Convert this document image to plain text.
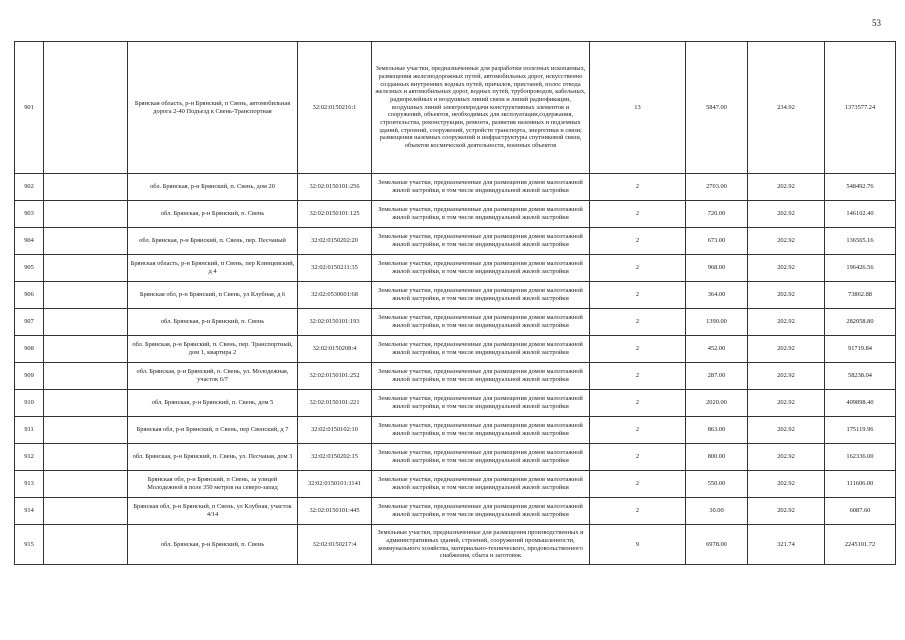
53
901		Брянская область, р-н Брянский, п Свень, автомобильная дорога 2-40 Подъезд к Свень-Транспортная	32:02:0150216:1	Земельные участки, предназначенные для разработки полезных ископаемых, размещения железнодорожных путей, автомобильных дорог, искусственно созданных внутренних водных путей, причалов, пристаней, полос отвода железных и автомобильных дорог, водных путей, трубопроводов, кабельных, радиорелейных и воздушных линий связи и линий радиофикации, воздушных линий электропередачи конструктивных элементов и сооружений, объектов, необходимых для эксплуатации,содержания, строительства, реконструкции, ремонта, развития наземных и подземных зданий, строений, сооружений, устройств транспорта, энергетики и связи; размещения наземных сооружений и инфраструктуры спутниковой связи, объектов космической деятельности, военных объектов	13	5847.00	234.92	1373577.24
902		обл. Брянская, р-н Брянский, п. Свень, дом 20	32:02:0150101:256	Земельные участки, предназначенные для размещения домов малоэтажной жилой застройки, в том числе индивидуальной жилой застройки	2	2703.00	202.92	548492.76
903		обл. Брянская, р-н Брянский, п. Свень	32:02:0150101:125	Земельные участки, предназначенные для размещения домов малоэтажной жилой застройки, в том числе индивидуальной жилой застройки	2	720.00	202.92	146102.40
904		обл. Брянская, р-н Брянский, п. Свень, пер. Песчаный	32:02:0150202:20	Земельные участки, предназначенные для размещения домов малоэтажной жилой застройки, в том числе индивидуальной жилой застройки	2	673.00	202.92	136565.16
905		Брянская область, р-н Брянский, п Свень, пер Клинцевский, д 4	32:02:0150211:35	Земельные участки, предназначенные для размещения домов малоэтажной жилой застройки, в том числе индивидуальной жилой застройки	2	968.00	202.92	196426.56
906		Брянская обл, р-н Брянский, п Свень, ул Клубная, д 6	32:02:0530601:68	Земельные участки, предназначенные для размещения домов малоэтажной жилой застройки, в том числе индивидуальной жилой застройки	2	364.00	202.92	73862.88
907		обл. Брянская, р-н Брянский, п. Свень	32:02:0150101:193	Земельные участки, предназначенные для размещения домов малоэтажной жилой застройки, в том числе индивидуальной жилой застройки	2	1390.00	202.92	282058.80
908		обл. Брянская, р-н Брянский, п. Свень, пер. Транспортный, дом 1, квартира 2	32:02:0150208:4	Земельные участки, предназначенные для размещения домов малоэтажной жилой застройки, в том числе индивидуальной жилой застройки	2	452.00	202.92	91719.84
909		обл. Брянская, р-н Брянский, п. Свень, ул. Молодежная, участок 6/7	32:02:0150101:252	Земельные участки, предназначенные для размещения домов малоэтажной жилой застройки, в том числе индивидуальной жилой застройки	2	287.00	202.92	58238.04
910		обл. Брянская, р-н Брянский, п. Свень, дом 5	32:02:0150101:221	Земельные участки, предназначенные для размещения домов малоэтажной жилой застройки, в том числе индивидуальной жилой застройки	2	2020.00	202.92	409898.40
911		Брянская обл, р-н Брянский, п Свень, пер Свенский, д 7	32:02:0150102:10	Земельные участки, предназначенные для размещения домов малоэтажной жилой застройки, в том числе индивидуальной жилой застройки	2	863.00	202.92	175119.96
912		обл. Брянская, р-н Брянский, п. Свень, ул. Песчаная, дом 3	32:02:0150202:15	Земельные участки, предназначенные для размещения домов малоэтажной жилой застройки, в том числе индивидуальной жилой застройки	2	800.00	202.92	162336.00
913		Брянская обл, р-н Брянский, п Свень, за улицей Молодежной в поле 350 метров на северо-запад	32:02:0150101:1141	Земельные участки, предназначенные для размещения домов малоэтажной жилой застройки, в том числе индивидуальной жилой застройки	2	550.00	202.92	111606.00
914		Брянская обл, р-н Брянский, п Свень, ул Клубная, участок 4/14	32:02:0150101:445	Земельные участки, предназначенные для размещения домов малоэтажной жилой застройки, в том числе индивидуальной жилой застройки	2	30.00	202.92	6087.60
915		обл. Брянская, р-н Брянский, п. Свень	32:02:0150217:4	Земельные участки, предназначенные для размещения производственных и административных зданий, строений, сооружений промышленности, коммунального хозяйства, материально-технического, продовольственного снабжения, сбыта и заготовок	9	6978.00	321.74	2245101.72
